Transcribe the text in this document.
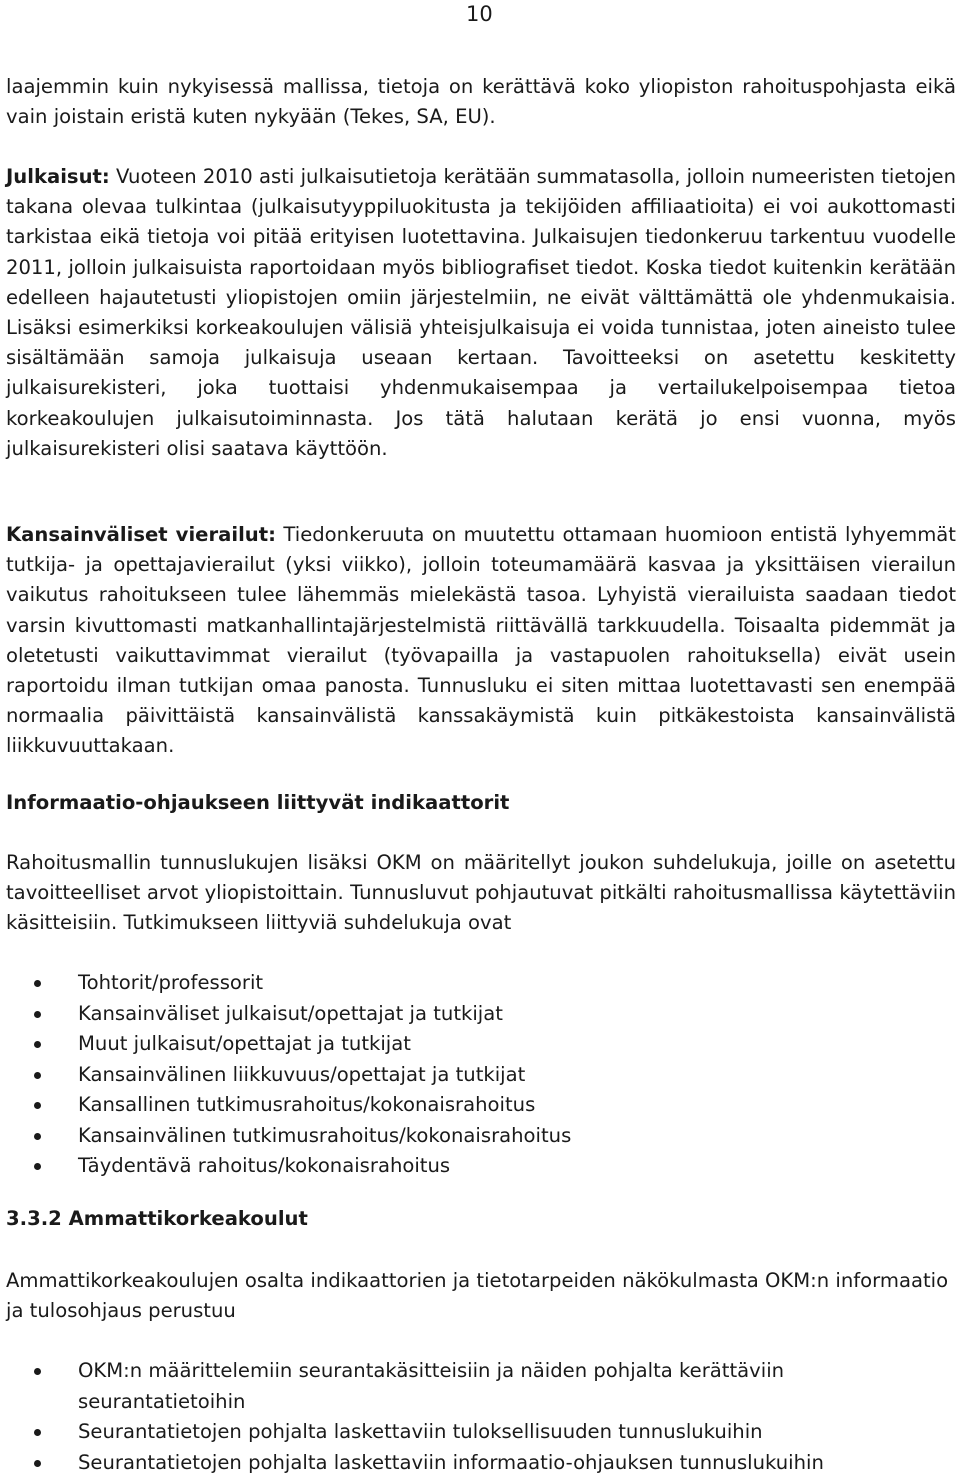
10

laajemmin kuin nykyisessä mallissa, tietoja on kerättävä koko yliopiston rahoituspohjasta eikä vain joistain eristä kuten nykyään (Tekes, SA, EU).

Julkaisut: Vuoteen 2010 asti julkaisutietoja kerätään summatasolla, jolloin numeeristen tietojen takana olevaa tulkintaa (julkaisutyyppiluokitusta ja tekijöiden affiliaatioita) ei voi aukottomasti tarkistaa eikä tietoja voi pitää erityisen luotettavina. Julkaisujen tiedonkeruu tarkentuu vuodelle 2011, jolloin julkaisuista raportoidaan myös bibliografiset tiedot. Koska tiedot kuitenkin kerätään edelleen hajautetusti yliopistojen omiin järjestelmiin, ne eivät välttämättä ole yhdenmukaisia. Lisäksi esimerkiksi korkeakoulujen välisiä yhteisjulkaisuja ei voida tunnistaa, joten aineisto tulee sisältämään samoja julkaisuja useaan kertaan. Tavoitteeksi on asetettu keskitetty julkaisurekisteri, joka tuottaisi yhdenmukaisempaa ja vertailukelpoisempaa tietoa korkeakoulujen julkaisutoiminnasta. Jos tätä halutaan kerätä jo ensi vuonna, myös julkaisurekisteri olisi saatava käyttöön.

Kansainväliset vierailut: Tiedonkeruuta on muutettu ottamaan huomioon entistä lyhyemmät tutkija- ja opettajavierailut (yksi viikko), jolloin toteumamäärä kasvaa ja yksittäisen vierailun vaikutus rahoitukseen tulee lähemmäs mielekästä tasoa. Lyhyistä vierailuista saadaan tiedot varsin kivuttomasti matkanhallintajärjestelmistä riittävällä tarkkuudella. Toisaalta pidemmät ja oletetusti vaikuttavimmat vierailut (työvapailla ja vastapuolen rahoituksella) eivät usein raportoidu ilman tutkijan omaa panosta. Tunnusluku ei siten mittaa luotettavasti sen enempää normaalia päivittäistä kansainvälistä kanssakäymistä kuin pitkäkestoista kansainvälistä liikkuvuuttakaan.

Informaatio-ohjaukseen liittyvät indikaattorit

Rahoitusmallin tunnuslukujen lisäksi OKM on määritellyt joukon suhdelukuja, joille on asetettu tavoitteelliset arvot yliopistoittain. Tunnusluvut pohjautuvat pitkälti rahoitusmallissa käytettäviin käsitteisiin. Tutkimukseen liittyviä suhdelukuja ovat

Tohtorit/professorit
Kansainväliset julkaisut/opettajat ja tutkijat
Muut julkaisut/opettajat ja tutkijat
Kansainvälinen liikkuvuus/opettajat ja tutkijat
Kansallinen tutkimusrahoitus/kokonaisrahoitus
Kansainvälinen tutkimusrahoitus/kokonaisrahoitus
Täydentävä rahoitus/kokonaisrahoitus
3.3.2 Ammattikorkeakoulut

Ammattikorkeakoulujen osalta indikaattorien ja tietotarpeiden näkökulmasta OKM:n informaatio ja tulosohjaus perustuu

OKM:n määrittelemiin seurantakäsitteisiin ja näiden pohjalta kerättäviin seurantatietoihin
Seurantatietojen pohjalta laskettaviin tuloksellisuuden tunnuslukuihin
Seurantatietojen pohjalta laskettaviin informaatio-ohjauksen tunnuslukuihin
